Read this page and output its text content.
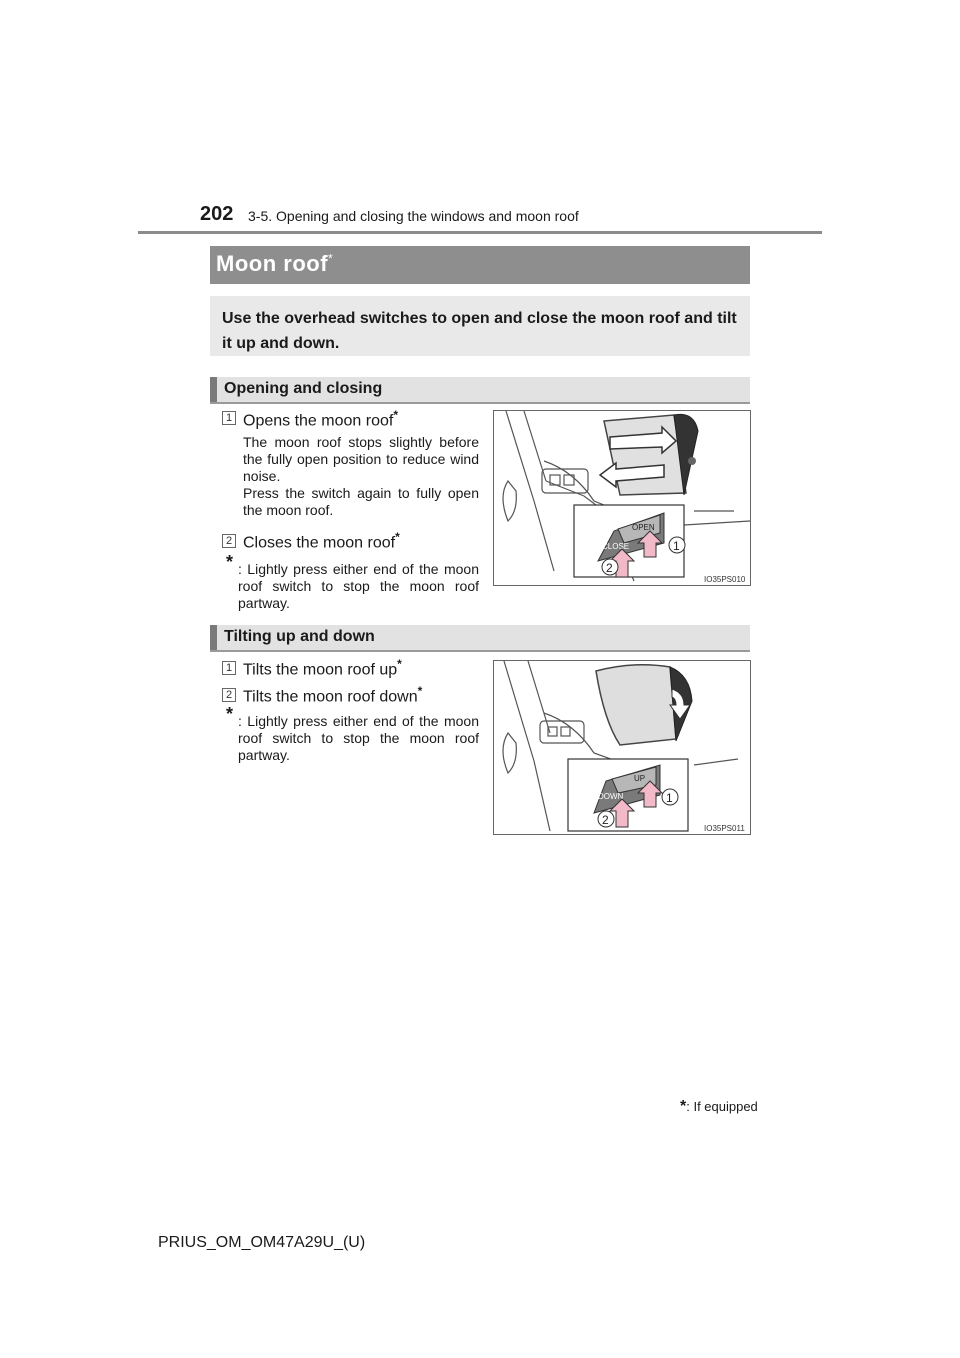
202 3-5. Opening and closing the windows and moon roof
Moon roof*
Use the overhead switches to open and close the moon roof and tilt it up and down.
Opening and closing
1 Opens the moon roof*
The moon roof stops slightly before the fully open position to reduce wind noise.
Press the switch again to fully open the moon roof.
2 Closes the moon roof*
* : Lightly press either end of the moon roof switch to stop the moon roof partway.
OPEN
CLOSE	1
2
IO35PS010
Tilting up and down
1 Tilts the moon roof up*
2 Tilts the moon roof down*
* : Lightly press either end of the moon roof switch to stop the moon roof partway.
UP
DOWN	1
2
IO35PS011
*: If equipped
PRIUS_OM_OM47A29U_(U)
